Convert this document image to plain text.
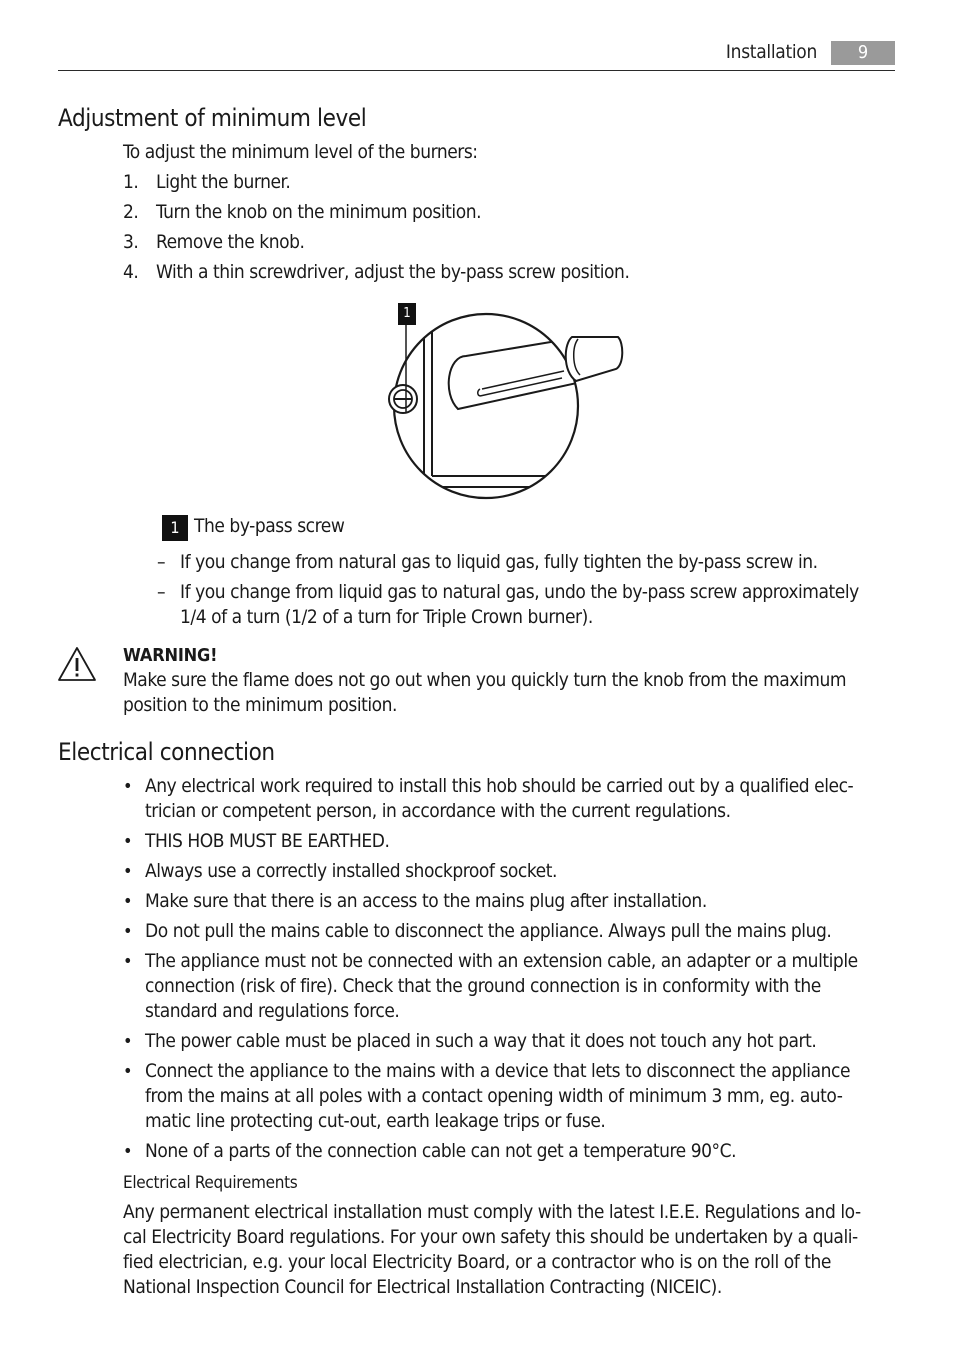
Installation	9
Adjustment of minimum level
To adjust the minimum level of the burners:
1. Light the burner.
2. Turn the knob on the minimum position.
3. Remove the knob.
4. With a thin screwdriver, adjust the by-pass screw position.
1
1 The by-pass screw
– If you change from natural gas to liquid gas, fully tighten the by-pass screw in.
– If you change from liquid gas to natural gas, undo the by-pass screw approximately
1/4 of a turn (1/2 of a turn for Triple Crown burner).
WARNING!
Make sure the flame does not go out when you quickly turn the knob from the maximum
position to the minimum position.
Electrical connection
• Any electrical work required to install this hob should be carried out by a qualified elec-
trician or competent person, in accordance with the current regulations.
• THIS HOB MUST BE EARTHED.
• Always use a correctly installed shockproof socket.
• Make sure that there is an access to the mains plug after installation.
• Do not pull the mains cable to disconnect the appliance. Always pull the mains plug.
• The appliance must not be connected with an extension cable, an adapter or a multiple
connection (risk of fire). Check that the ground connection is in conformity with the
standard and regulations force.
• The power cable must be placed in such a way that it does not touch any hot part.
• Connect the appliance to the mains with a device that lets to disconnect the appliance
from the mains at all poles with a contact opening width of minimum 3 mm, eg. auto-
matic line protecting cut-out, earth leakage trips or fuse.
• None of a parts of the connection cable can not get a temperature 90°C.
Electrical Requirements
Any permanent electrical installation must comply with the latest I.E.E. Regulations and lo-
cal Electricity Board regulations. For your own safety this should be undertaken by a quali-
fied electrician, e.g. your local Electricity Board, or a contractor who is on the roll of the
National Inspection Council for Electrical Installation Contracting (NICEIC).
